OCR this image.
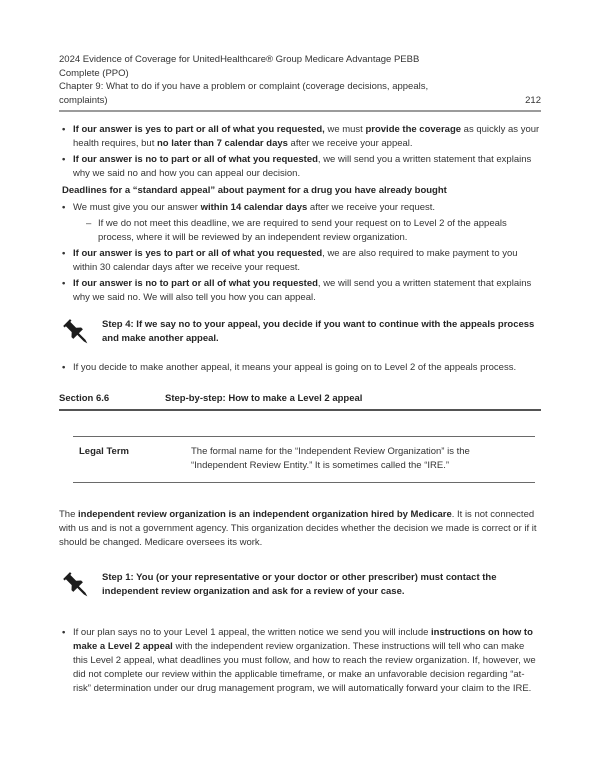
2024 Evidence of Coverage for UnitedHealthcare® Group Medicare Advantage PEBB
Complete (PPO)
Chapter 9: What to do if you have a problem or complaint (coverage decisions, appeals,
complaints)	212
• If our answer is yes to part or all of what you requested, we must provide the coverage as quickly as your health requires, but no later than 7 calendar days after we receive your appeal.
• If our answer is no to part or all of what you requested, we will send you a written statement that explains why we said no and how you can appeal our decision.
Deadlines for a “standard appeal” about payment for a drug you have already bought
• We must give you our answer within 14 calendar days after we receive your request.
– If we do not meet this deadline, we are required to send your request on to Level 2 of the appeals process, where it will be reviewed by an independent review organization.
• If our answer is yes to part or all of what you requested, we are also required to make payment to you within 30 calendar days after we receive your request.
• If our answer is no to part or all of what you requested, we will send you a written statement that explains why we said no. We will also tell you how you can appeal.
Step 4: If we say no to your appeal, you decide if you want to continue with the appeals process and make another appeal.
• If you decide to make another appeal, it means your appeal is going on to Level 2 of the appeals process.
Section 6.6	Step-by-step: How to make a Level 2 appeal
Legal Term	The formal name for the “Independent Review Organization” is the “Independent Review Entity.” It is sometimes called the “IRE.”
The independent review organization is an independent organization hired by Medicare. It is not connected with us and is not a government agency. This organization decides whether the decision we made is correct or if it should be changed. Medicare oversees its work.
Step 1: You (or your representative or your doctor or other prescriber) must contact the independent review organization and ask for a review of your case.
• If our plan says no to your Level 1 appeal, the written notice we send you will include instructions on how to make a Level 2 appeal with the independent review organization. These instructions will tell who can make this Level 2 appeal, what deadlines you must follow, and how to reach the review organization. If, however, we did not complete our review within the applicable timeframe, or make an unfavorable decision regarding “at-risk” determination under our drug management program, we will automatically forward your claim to the IRE.
